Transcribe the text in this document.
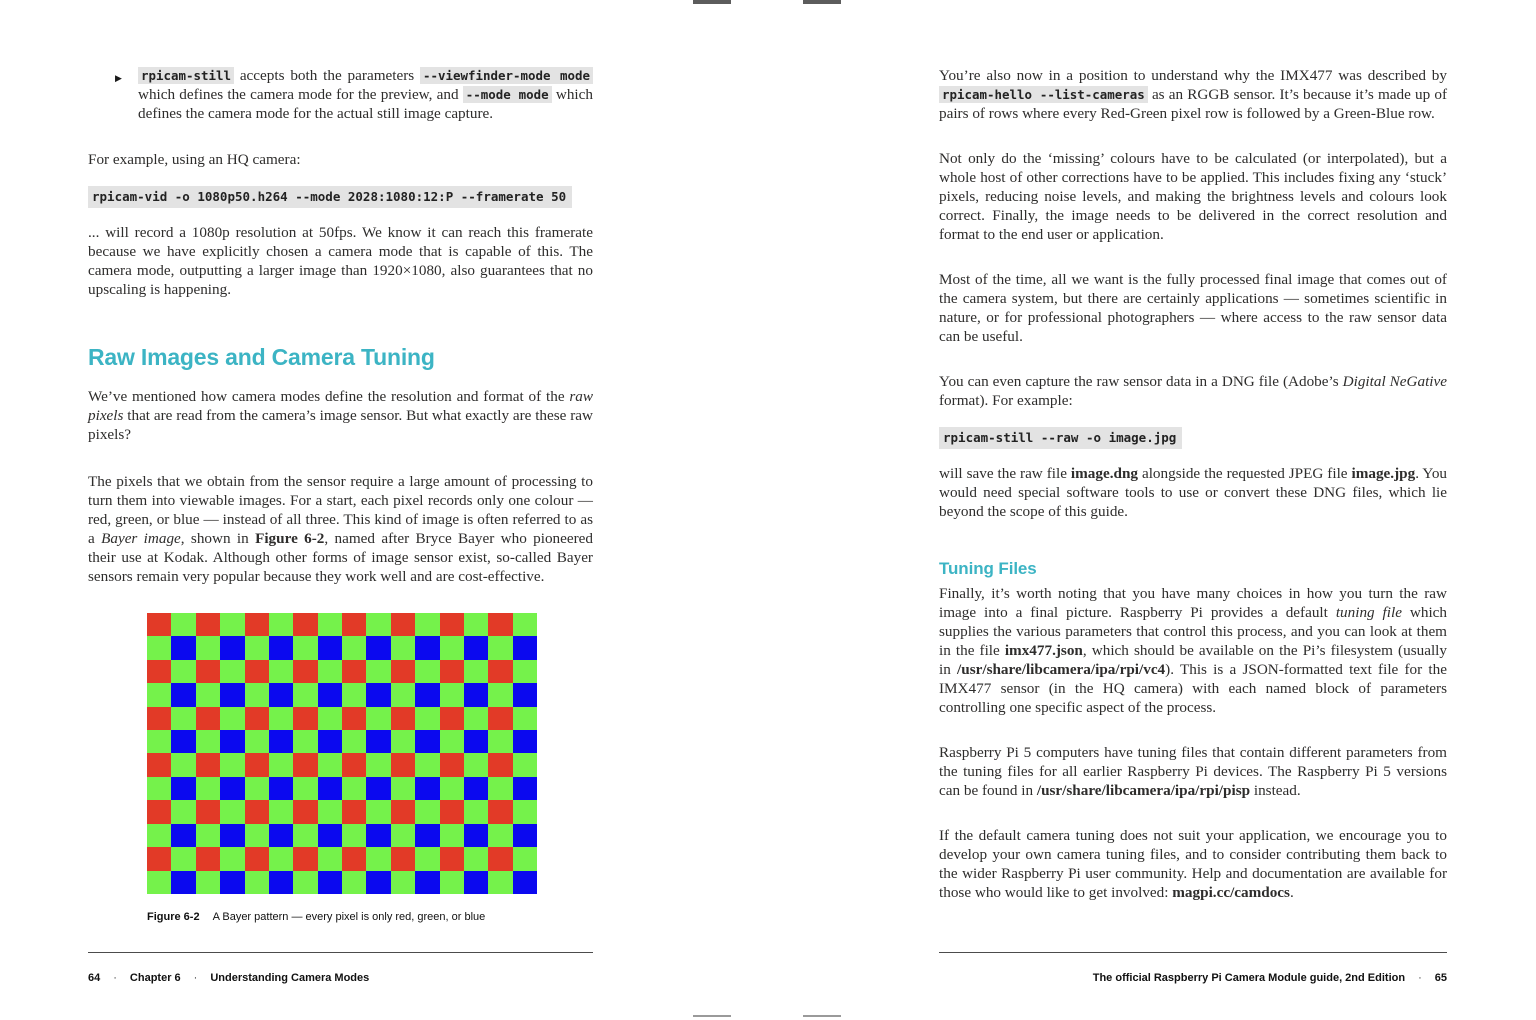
▶	rpicam-still accepts both the parameters --viewfinder-mode mode which defines the camera mode for the preview, and --mode mode which defines the camera mode for the actual still image capture.

For example, using an HQ camera:

rpicam-vid -o 1080p50.h264 --mode 2028:1080:12:P --framerate 50

... will record a 1080p resolution at 50fps. We know it can reach this framerate because we have explicitly chosen a camera mode that is capable of this. The camera mode, outputting a larger image than 1920×1080, also guarantees that no upscaling is happening.

Raw Images and Camera Tuning

We’ve mentioned how camera modes define the resolution and format of the raw pixels that are read from the camera’s image sensor. But what exactly are these raw pixels?

The pixels that we obtain from the sensor require a large amount of processing to turn them into viewable images. For a start, each pixel records only one colour — red, green, or blue — instead of all three. This kind of image is often referred to as a Bayer image, shown in Figure 6-2, named after Bryce Bayer who pioneered their use at Kodak. Although other forms of image sensor exist, so-called Bayer sensors remain very popular because they work well and are cost-effective.

Figure 6-2 A Bayer pattern — every pixel is only red, green, or blue
64 · Chapter 6 · Understanding Camera Modes

You’re also now in a position to understand why the IMX477 was described by rpicam-hello --list-cameras as an RGGB sensor. It’s because it’s made up of pairs of rows where every Red-Green pixel row is followed by a Green-Blue row.

Not only do the ‘missing’ colours have to be calculated (or interpolated), but a whole host of other corrections have to be applied. This includes fixing any ‘stuck’ pixels, reducing noise levels, and making the brightness levels and colours look correct. Finally, the image needs to be delivered in the correct resolution and format to the end user or application.

Most of the time, all we want is the fully processed final image that comes out of the camera system, but there are certainly applications — sometimes scientific in nature, or for professional photographers — where access to the raw sensor data can be useful.

You can even capture the raw sensor data in a DNG file (Adobe’s Digital NeGative format). For example:

rpicam-still --raw -o image.jpg

will save the raw file image.dng alongside the requested JPEG file image.jpg. You would need special software tools to use or convert these DNG files, which lie beyond the scope of this guide.

Tuning Files

Finally, it’s worth noting that you have many choices in how you turn the raw image into a final picture. Raspberry Pi provides a default tuning file which supplies the various parameters that control this process, and you can look at them in the file imx477.json, which should be available on the Pi’s filesystem (usually in /usr/share/libcamera/ipa/rpi/vc4). This is a JSON-formatted text file for the IMX477 sensor (in the HQ camera) with each named block of parameters controlling one specific aspect of the process.

Raspberry Pi 5 computers have tuning files that contain different parameters from the tuning files for all earlier Raspberry Pi devices. The Raspberry Pi 5 versions can be found in /usr/share/libcamera/ipa/rpi/pisp instead.

If the default camera tuning does not suit your application, we encourage you to develop your own camera tuning files, and to consider contributing them back to the wider Raspberry Pi user community. Help and documentation are available for those who would like to get involved: magpi.cc/camdocs.

The official Raspberry Pi Camera Module guide, 2nd Edition · 65
